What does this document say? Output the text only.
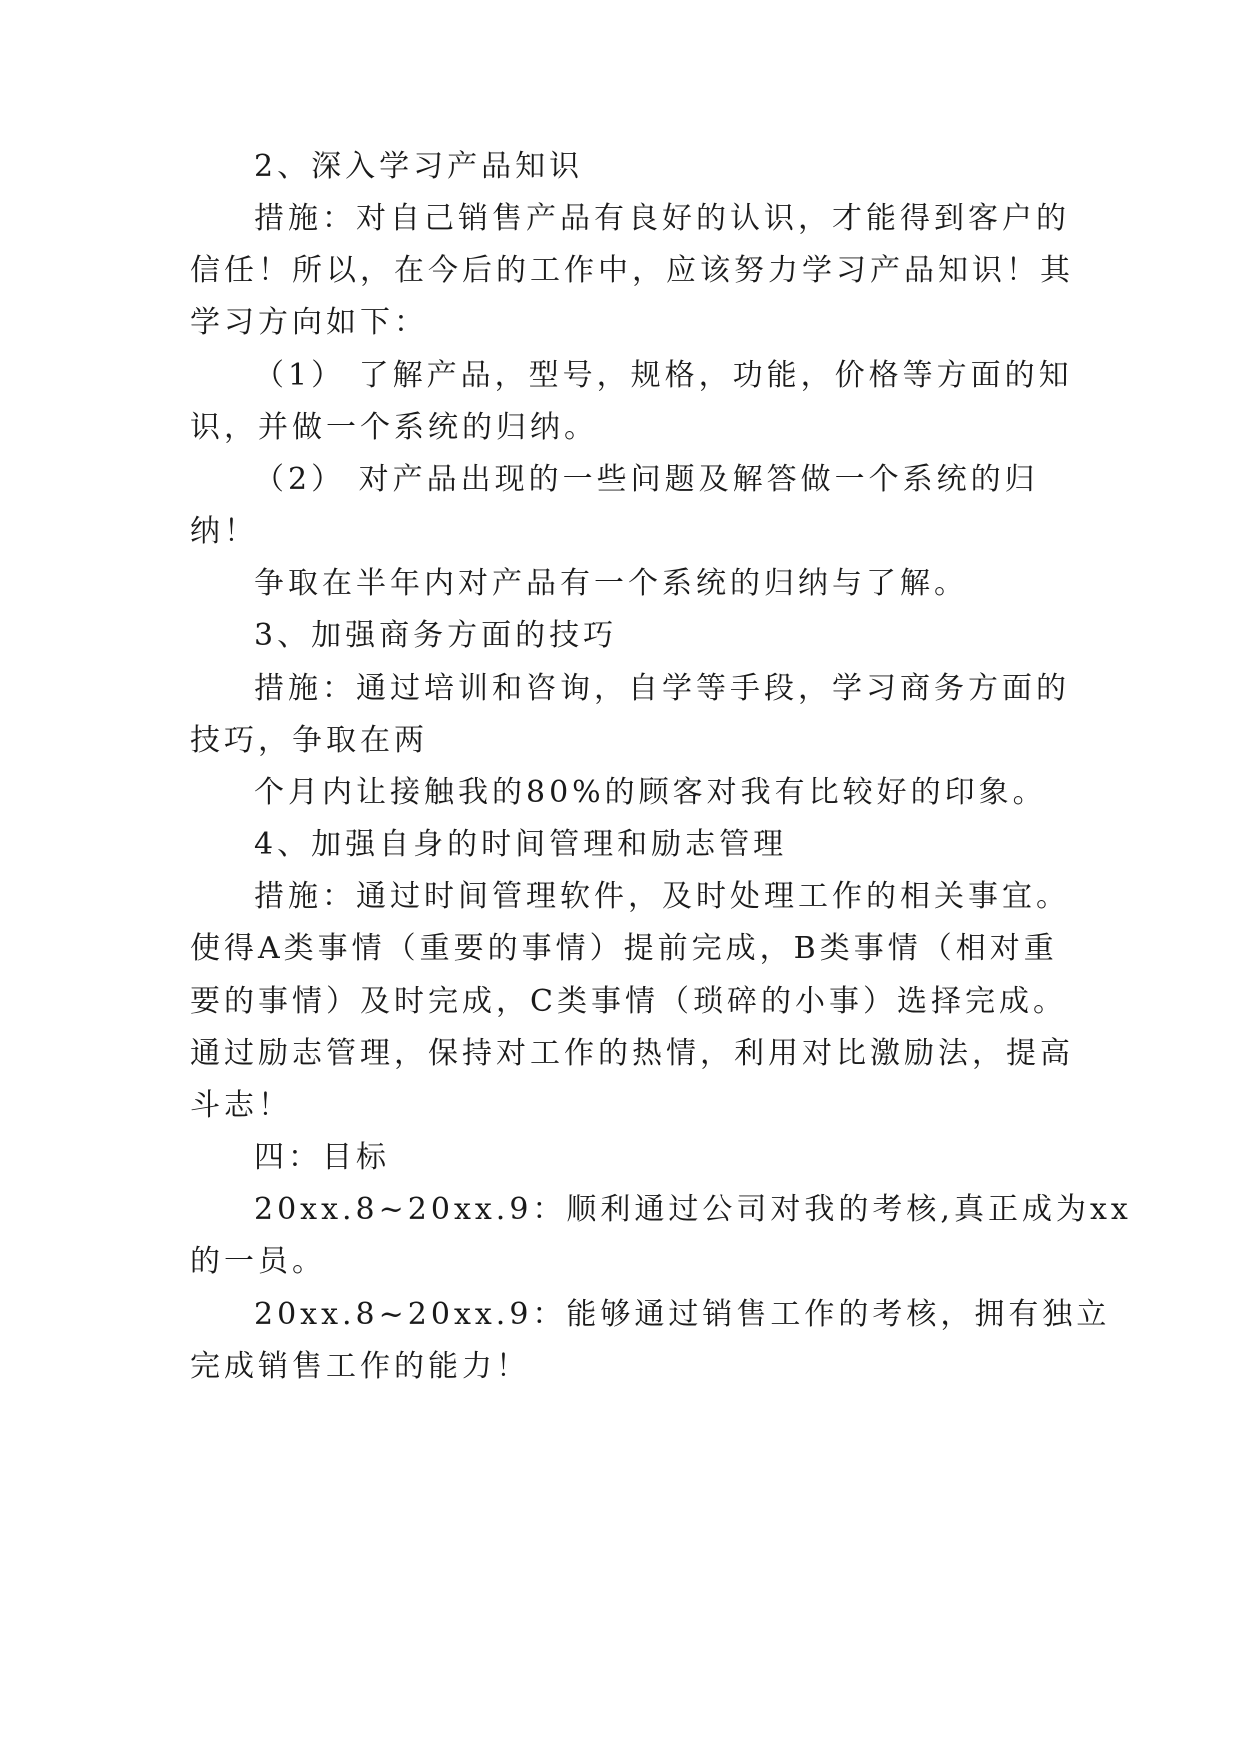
2、深入学习产品知识
措施：对自己销售产品有良好的认识，才能得到客户的
信任！所以，在今后的工作中，应该努力学习产品知识！其
学习方向如下：
（1） 了解产品，型号，规格，功能，价格等方面的知
识，并做一个系统的归纳。
（2） 对产品出现的一些问题及解答做一个系统的归
纳！
争取在半年内对产品有一个系统的归纳与了解。
3、加强商务方面的技巧
措施：通过培训和咨询，自学等手段，学习商务方面的
技巧，争取在两
个月内让接触我的80%的顾客对我有比较好的印象。
4、加强自身的时间管理和励志管理
措施：通过时间管理软件，及时处理工作的相关事宜。
使得A类事情（重要的事情）提前完成，B类事情（相对重
要的事情）及时完成，C类事情（琐碎的小事）选择完成。
通过励志管理，保持对工作的热情，利用对比激励法，提高
斗志！
四：目标
20xx.8~20xx.9：顺利通过公司对我的考核,真正成为xx
的一员。
20xx.8~20xx.9：能够通过销售工作的考核，拥有独立
完成销售工作的能力！
